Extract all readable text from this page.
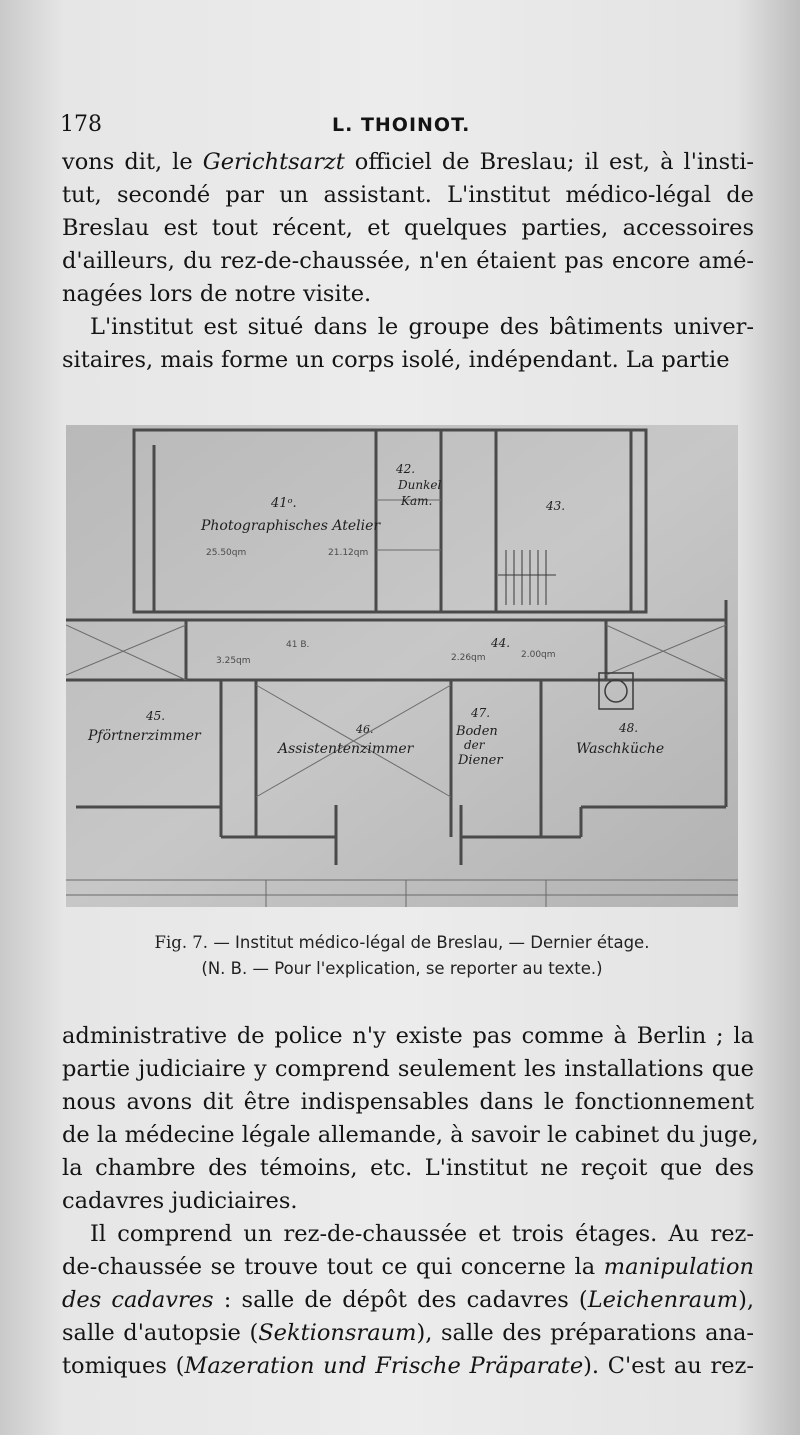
178	L. THOINOT.
vons dit, le Gerichtsarzt officiel de Breslau; il est, à l'insti-
tut, secondé par un assistant. L'institut médico-légal de
Breslau est tout récent, et quelques parties, accessoires
d'ailleurs, du rez-de-chaussée, n'en étaient pas encore amé-
nagées lors de notre visite.
L'institut est situé dans le groupe des bâtiments univer-
sitaires, mais forme un corps isolé, indépendant. La partie
41ᵒ.
Photographisches Atelier
25.50qm	21.12qm
42.
Dunkel
Kam.	43.
44.
2.00qm
3.25qm	2.26qm
41 B.
45.
Pförtnerzimmer	46.
Assistentenzimmer
47.
Boden
der
Diener
48.
Waschküche
Fig. 7. — Institut médico-légal de Breslau, — Dernier étage.
(N. B. — Pour l'explication, se reporter au texte.)
administrative de police n'y existe pas comme à Berlin ; la
partie judiciaire y comprend seulement les installations que
nous avons dit être indispensables dans le fonctionnement
de la médecine légale allemande, à savoir le cabinet du juge,
la chambre des témoins, etc. L'institut ne reçoit que des
cadavres judiciaires.
Il comprend un rez-de-chaussée et trois étages. Au rez-
de-chaussée se trouve tout ce qui concerne la manipulation
des cadavres : salle de dépôt des cadavres (Leichenraum),
salle d'autopsie (Sektionsraum), salle des préparations ana-
tomiques (Mazeration und Frische Präparate). C'est au rez-
